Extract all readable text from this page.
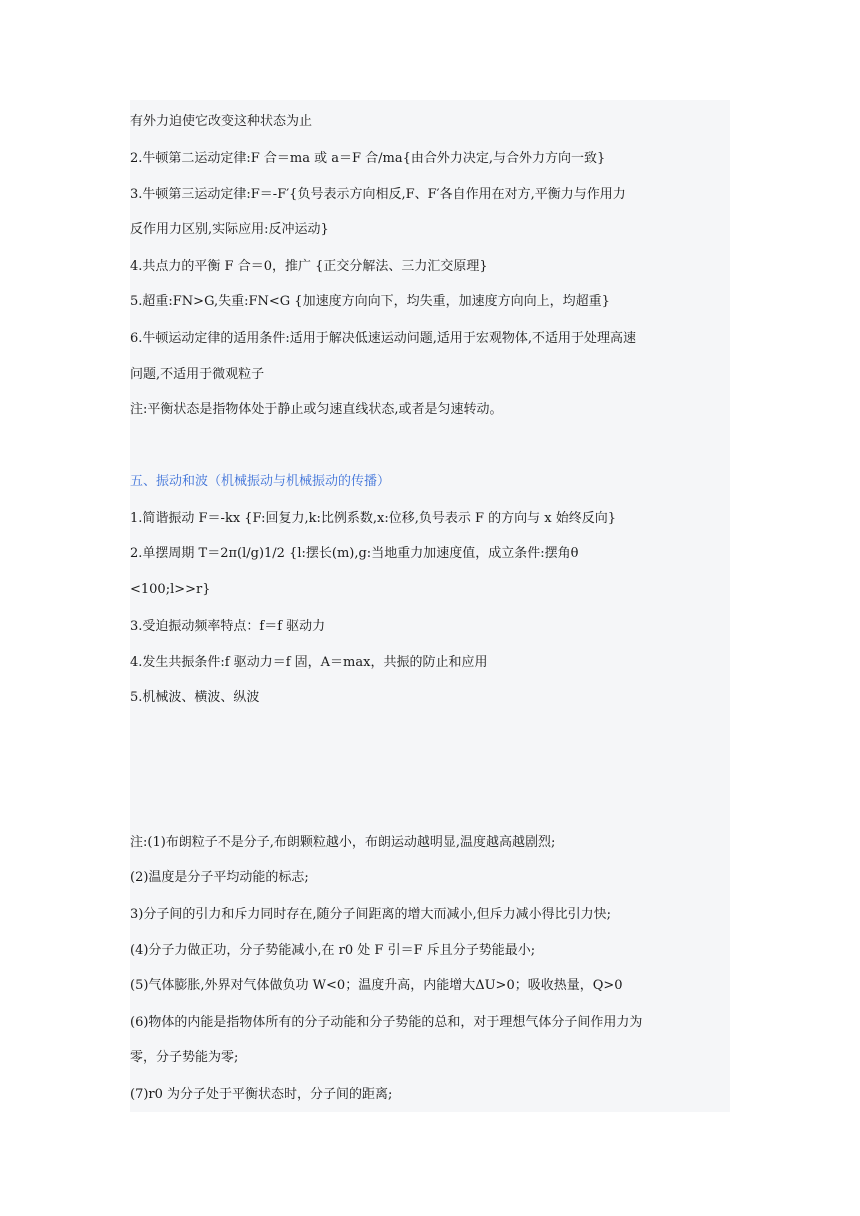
有外力迫使它改变这种状态为止
2.牛顿第二运动定律:F 合＝ma 或 a＝F 合/ma{由合外力决定,与合外力方向一致}
3.牛顿第三运动定律:F＝-F′{负号表示方向相反,F、F′各自作用在对方,平衡力与作用力
反作用力区别,实际应用:反冲运动}
4.共点力的平衡 F 合＝0，推广 {正交分解法、三力汇交原理}
5.超重:FN>G,失重:FN<G {加速度方向向下，均失重，加速度方向向上，均超重}
6.牛顿运动定律的适用条件:适用于解决低速运动问题,适用于宏观物体,不适用于处理高速
问题,不适用于微观粒子
注:平衡状态是指物体处于静止或匀速直线状态,或者是匀速转动。
五、振动和波（机械振动与机械振动的传播）
1.简谐振动 F＝-kx {F:回复力,k:比例系数,x:位移,负号表示 F 的方向与 x 始终反向}
2.单摆周期 T＝2π(l/g)1/2 {l:摆长(m),g:当地重力加速度值，成立条件:摆角θ
<100;l>>r}
3.受迫振动频率特点：f＝f 驱动力
4.发生共振条件:f 驱动力＝f 固，A＝max，共振的防止和应用
5.机械波、横波、纵波
注:(1)布朗粒子不是分子,布朗颗粒越小，布朗运动越明显,温度越高越剧烈;
(2)温度是分子平均动能的标志;
3)分子间的引力和斥力同时存在,随分子间距离的增大而减小,但斥力减小得比引力快;
(4)分子力做正功，分子势能减小,在 r0 处 F 引＝F 斥且分子势能最小;
(5)气体膨胀,外界对气体做负功 W<0；温度升高，内能增大ΔU>0；吸收热量，Q>0
(6)物体的内能是指物体所有的分子动能和分子势能的总和，对于理想气体分子间作用力为
零，分子势能为零;
(7)r0 为分子处于平衡状态时，分子间的距离;
